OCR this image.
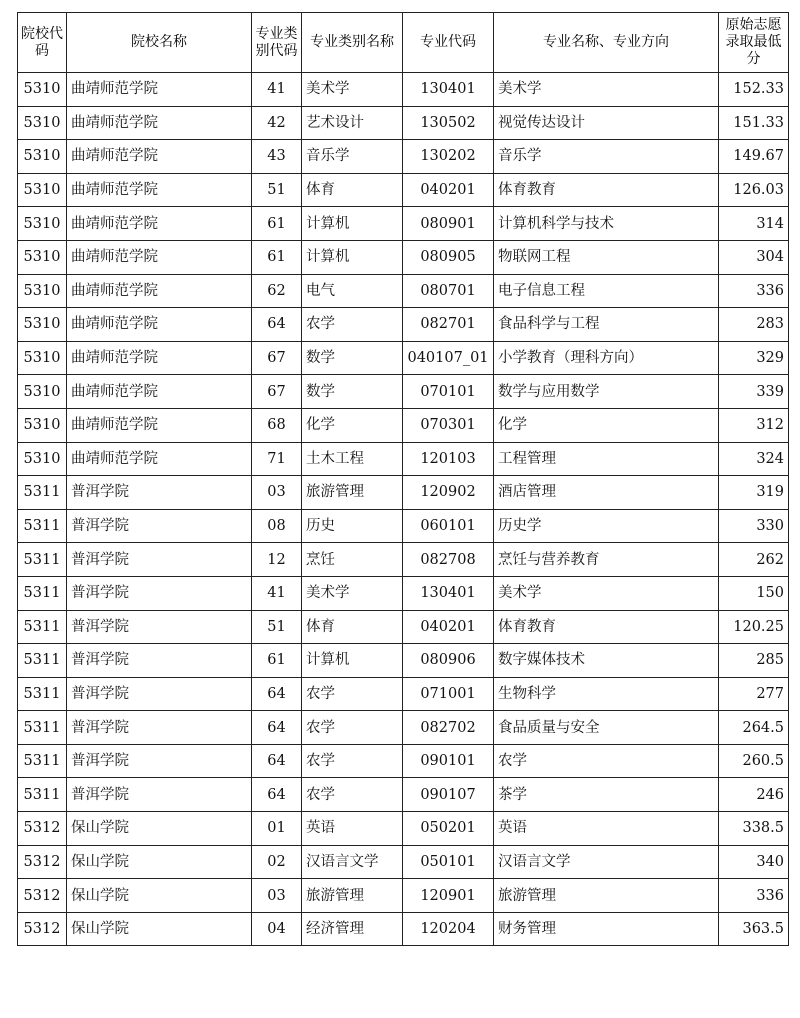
院校代码	院校名称	专业类别代码	专业类别名称	专业代码	专业名称、专业方向	原始志愿录取最低分
5310	曲靖师范学院	41	美术学	130401	美术学	152.33
5310	曲靖师范学院	42	艺术设计	130502	视觉传达设计	151.33
5310	曲靖师范学院	43	音乐学	130202	音乐学	149.67
5310	曲靖师范学院	51	体育	040201	体育教育	126.03
5310	曲靖师范学院	61	计算机	080901	计算机科学与技术	314
5310	曲靖师范学院	61	计算机	080905	物联网工程	304
5310	曲靖师范学院	62	电气	080701	电子信息工程	336
5310	曲靖师范学院	64	农学	082701	食品科学与工程	283
5310	曲靖师范学院	67	数学	040107_01	小学教育（理科方向）	329
5310	曲靖师范学院	67	数学	070101	数学与应用数学	339
5310	曲靖师范学院	68	化学	070301	化学	312
5310	曲靖师范学院	71	土木工程	120103	工程管理	324
5311	普洱学院	03	旅游管理	120902	酒店管理	319
5311	普洱学院	08	历史	060101	历史学	330
5311	普洱学院	12	烹饪	082708	烹饪与营养教育	262
5311	普洱学院	41	美术学	130401	美术学	150
5311	普洱学院	51	体育	040201	体育教育	120.25
5311	普洱学院	61	计算机	080906	数字媒体技术	285
5311	普洱学院	64	农学	071001	生物科学	277
5311	普洱学院	64	农学	082702	食品质量与安全	264.5
5311	普洱学院	64	农学	090101	农学	260.5
5311	普洱学院	64	农学	090107	茶学	246
5312	保山学院	01	英语	050201	英语	338.5
5312	保山学院	02	汉语言文学	050101	汉语言文学	340
5312	保山学院	03	旅游管理	120901	旅游管理	336
5312	保山学院	04	经济管理	120204	财务管理	363.5
